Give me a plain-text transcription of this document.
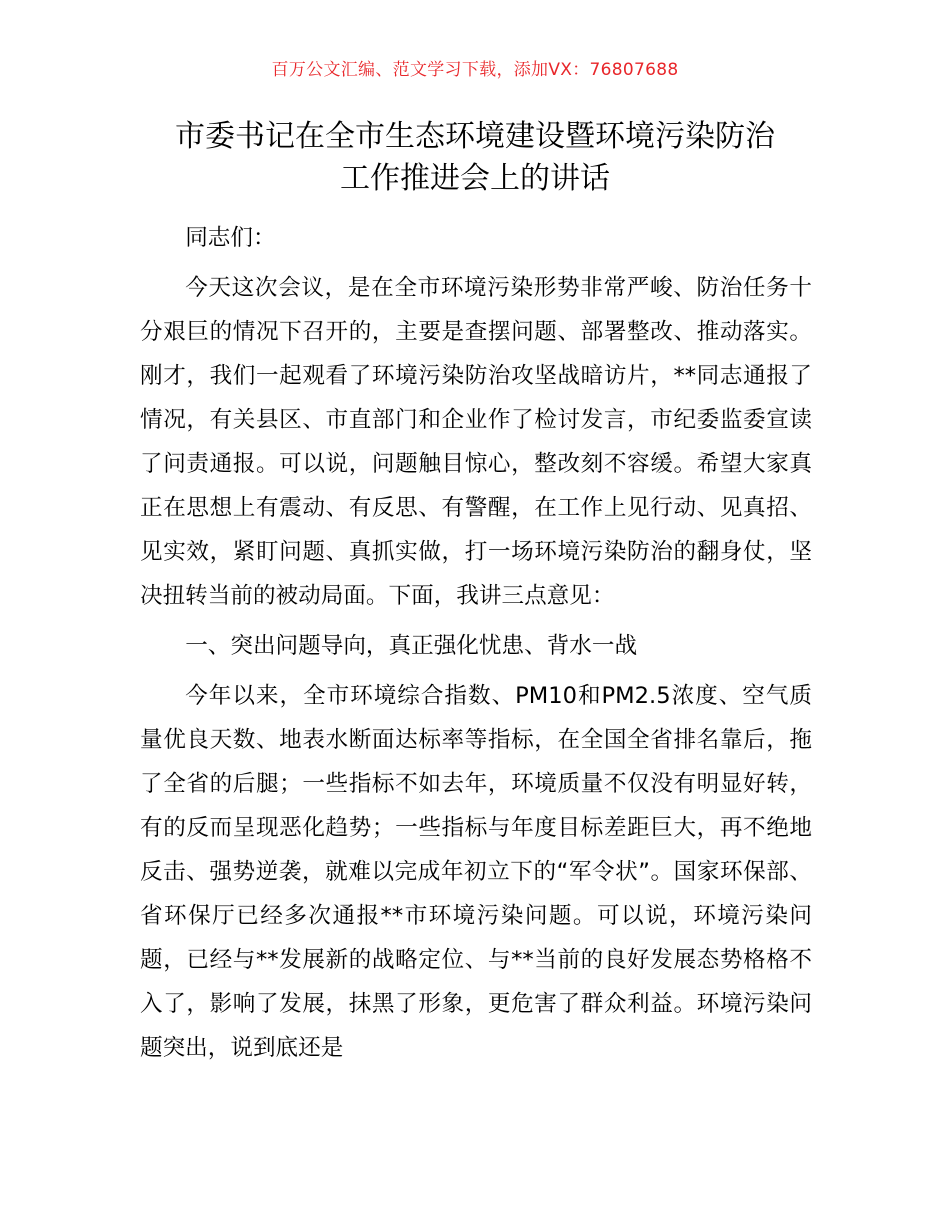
百万公文汇编、范文学习下载，添加VX：76807688
市委书记在全市生态环境建设暨环境污染防治
工作推进会上的讲话

同志们：

今天这次会议，是在全市环境污染形势非常严峻、防治任务十分艰巨的情况下召开的，主要是查摆问题、部署整改、推动落实。刚才，我们一起观看了环境污染防治攻坚战暗访片，**同志通报了情况，有关县区、市直部门和企业作了检讨发言，市纪委监委宣读了问责通报。可以说，问题触目惊心，整改刻不容缓。希望大家真正在思想上有震动、有反思、有警醒，在工作上见行动、见真招、见实效，紧盯问题、真抓实做，打一场环境污染防治的翻身仗，坚决扭转当前的被动局面。下面，我讲三点意见：

一、突出问题导向，真正强化忧患、背水一战

今年以来，全市环境综合指数、PM10和PM2.5浓度、空气质量优良天数、地表水断面达标率等指标，在全国全省排名靠后，拖了全省的后腿；一些指标不如去年，环境质量不仅没有明显好转，有的反而呈现恶化趋势；一些指标与年度目标差距巨大，再不绝地反击、强势逆袭，就难以完成年初立下的“军令状”。国家环保部、省环保厅已经多次通报**市环境污染问题。可以说，环境污染问题，已经与**发展新的战略定位、与**当前的良好发展态势格格不入了，影响了发展，抹黑了形象，更危害了群众利益。环境污染问题突出，说到底还是
